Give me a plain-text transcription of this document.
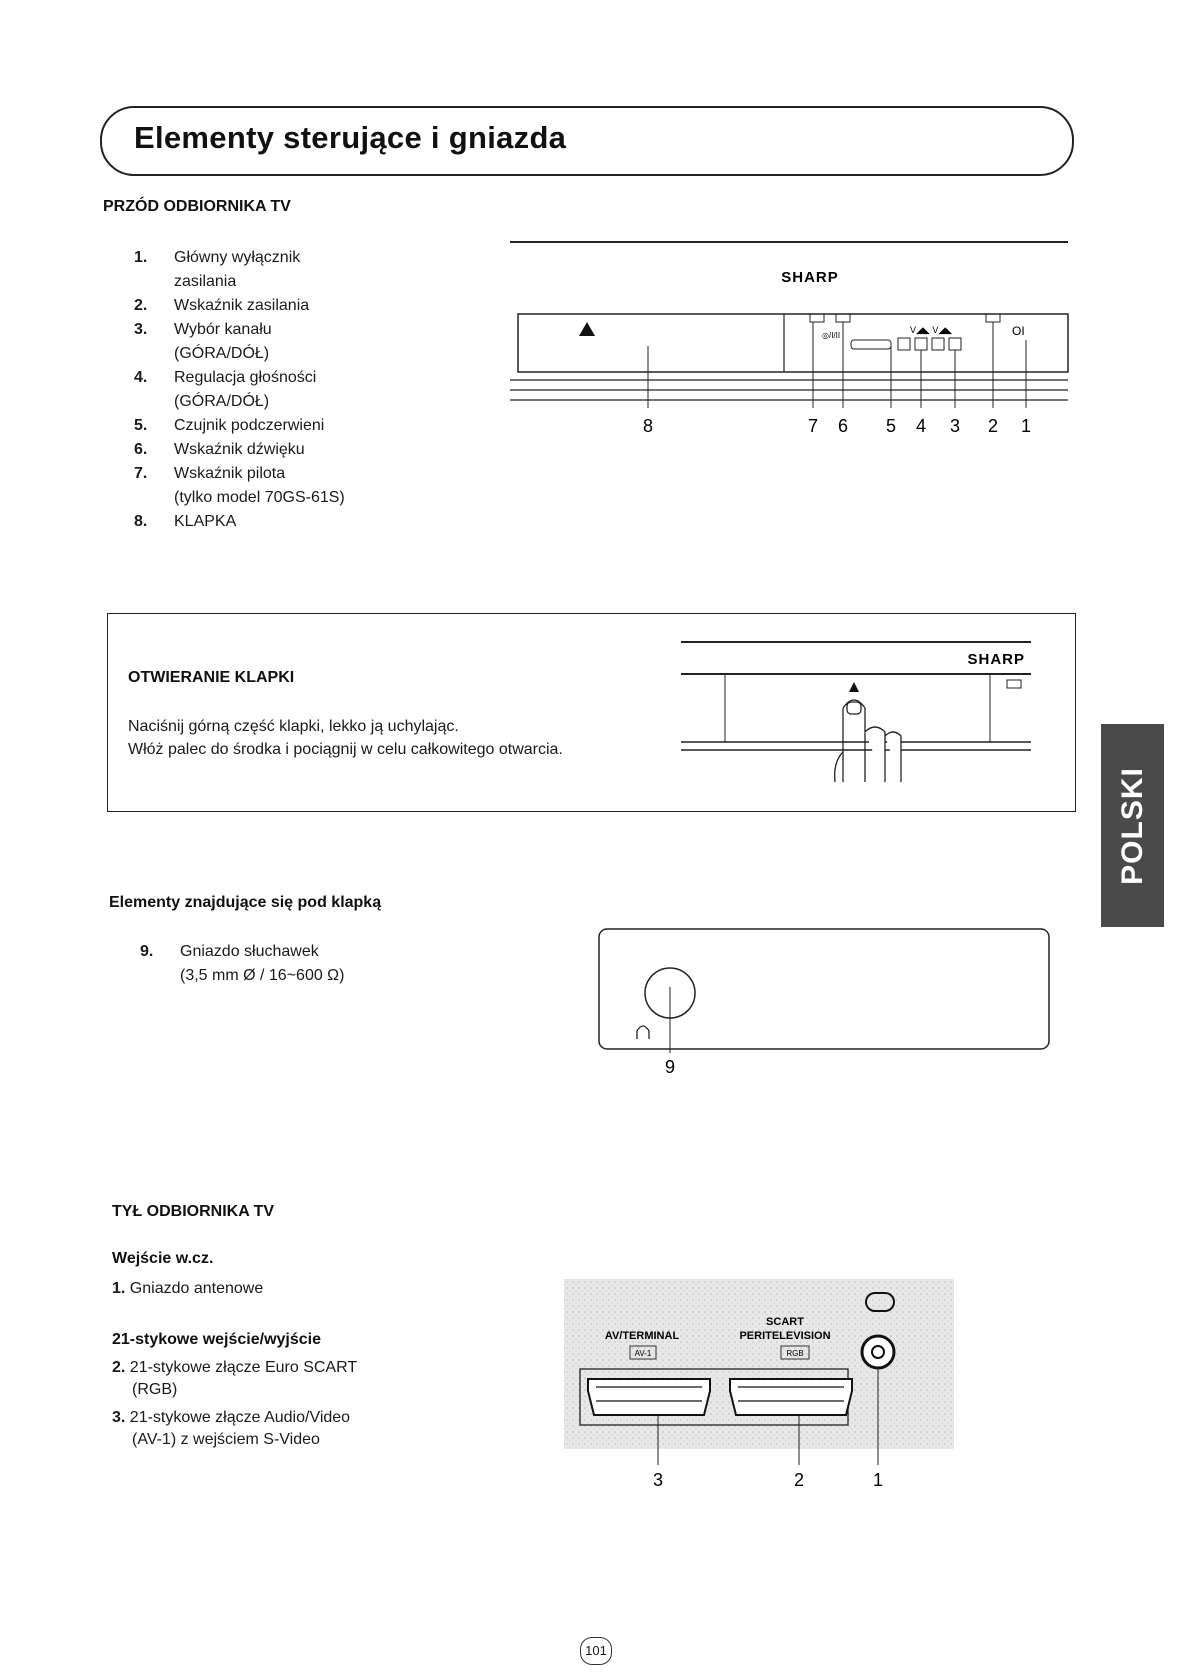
Elementy sterujące i gniazda
PRZÓD ODBIORNIKA TV
1.	Główny wyłącznik
zasilania
2.	Wskaźnik zasilania
3.	Wybór kanału
(GÓRA/DÓŁ)
4.	Regulacja głośności
(GÓRA/DÓŁ)
5.	Czujnik podczerwieni
6.	Wskaźnik dźwięku
7.	Wskaźnik pilota
(tylko model 70GS-61S)
8.	KLAPKA
SHARP
V◢◣ V◢◣	OI
◎/I/II
8	7 6 5 4 3 2 1
OTWIERANIE KLAPKI
Naciśnij górną część klapki, lekko ją uchylając.
Włóż palec do środka i pociągnij w celu całkowitego otwarcia.
SHARP
POLSKI
Elementy znajdujące się pod klapką
9.	Gniazdo słuchawek
(3,5 mm Ø / 16~600 Ω)
9
TYŁ ODBIORNIKA TV
Wejście w.cz.
1. Gniazdo antenowe
21-stykowe wejście/wyjście
2. 21-stykowe złącze Euro SCART
(RGB)
3. 21-stykowe złącze Audio/Video
(AV-1) z wejściem S-Video
AV/TERMINAL
AV-1
SCART
PERITELEVISION
RGB
3	2	1
101
